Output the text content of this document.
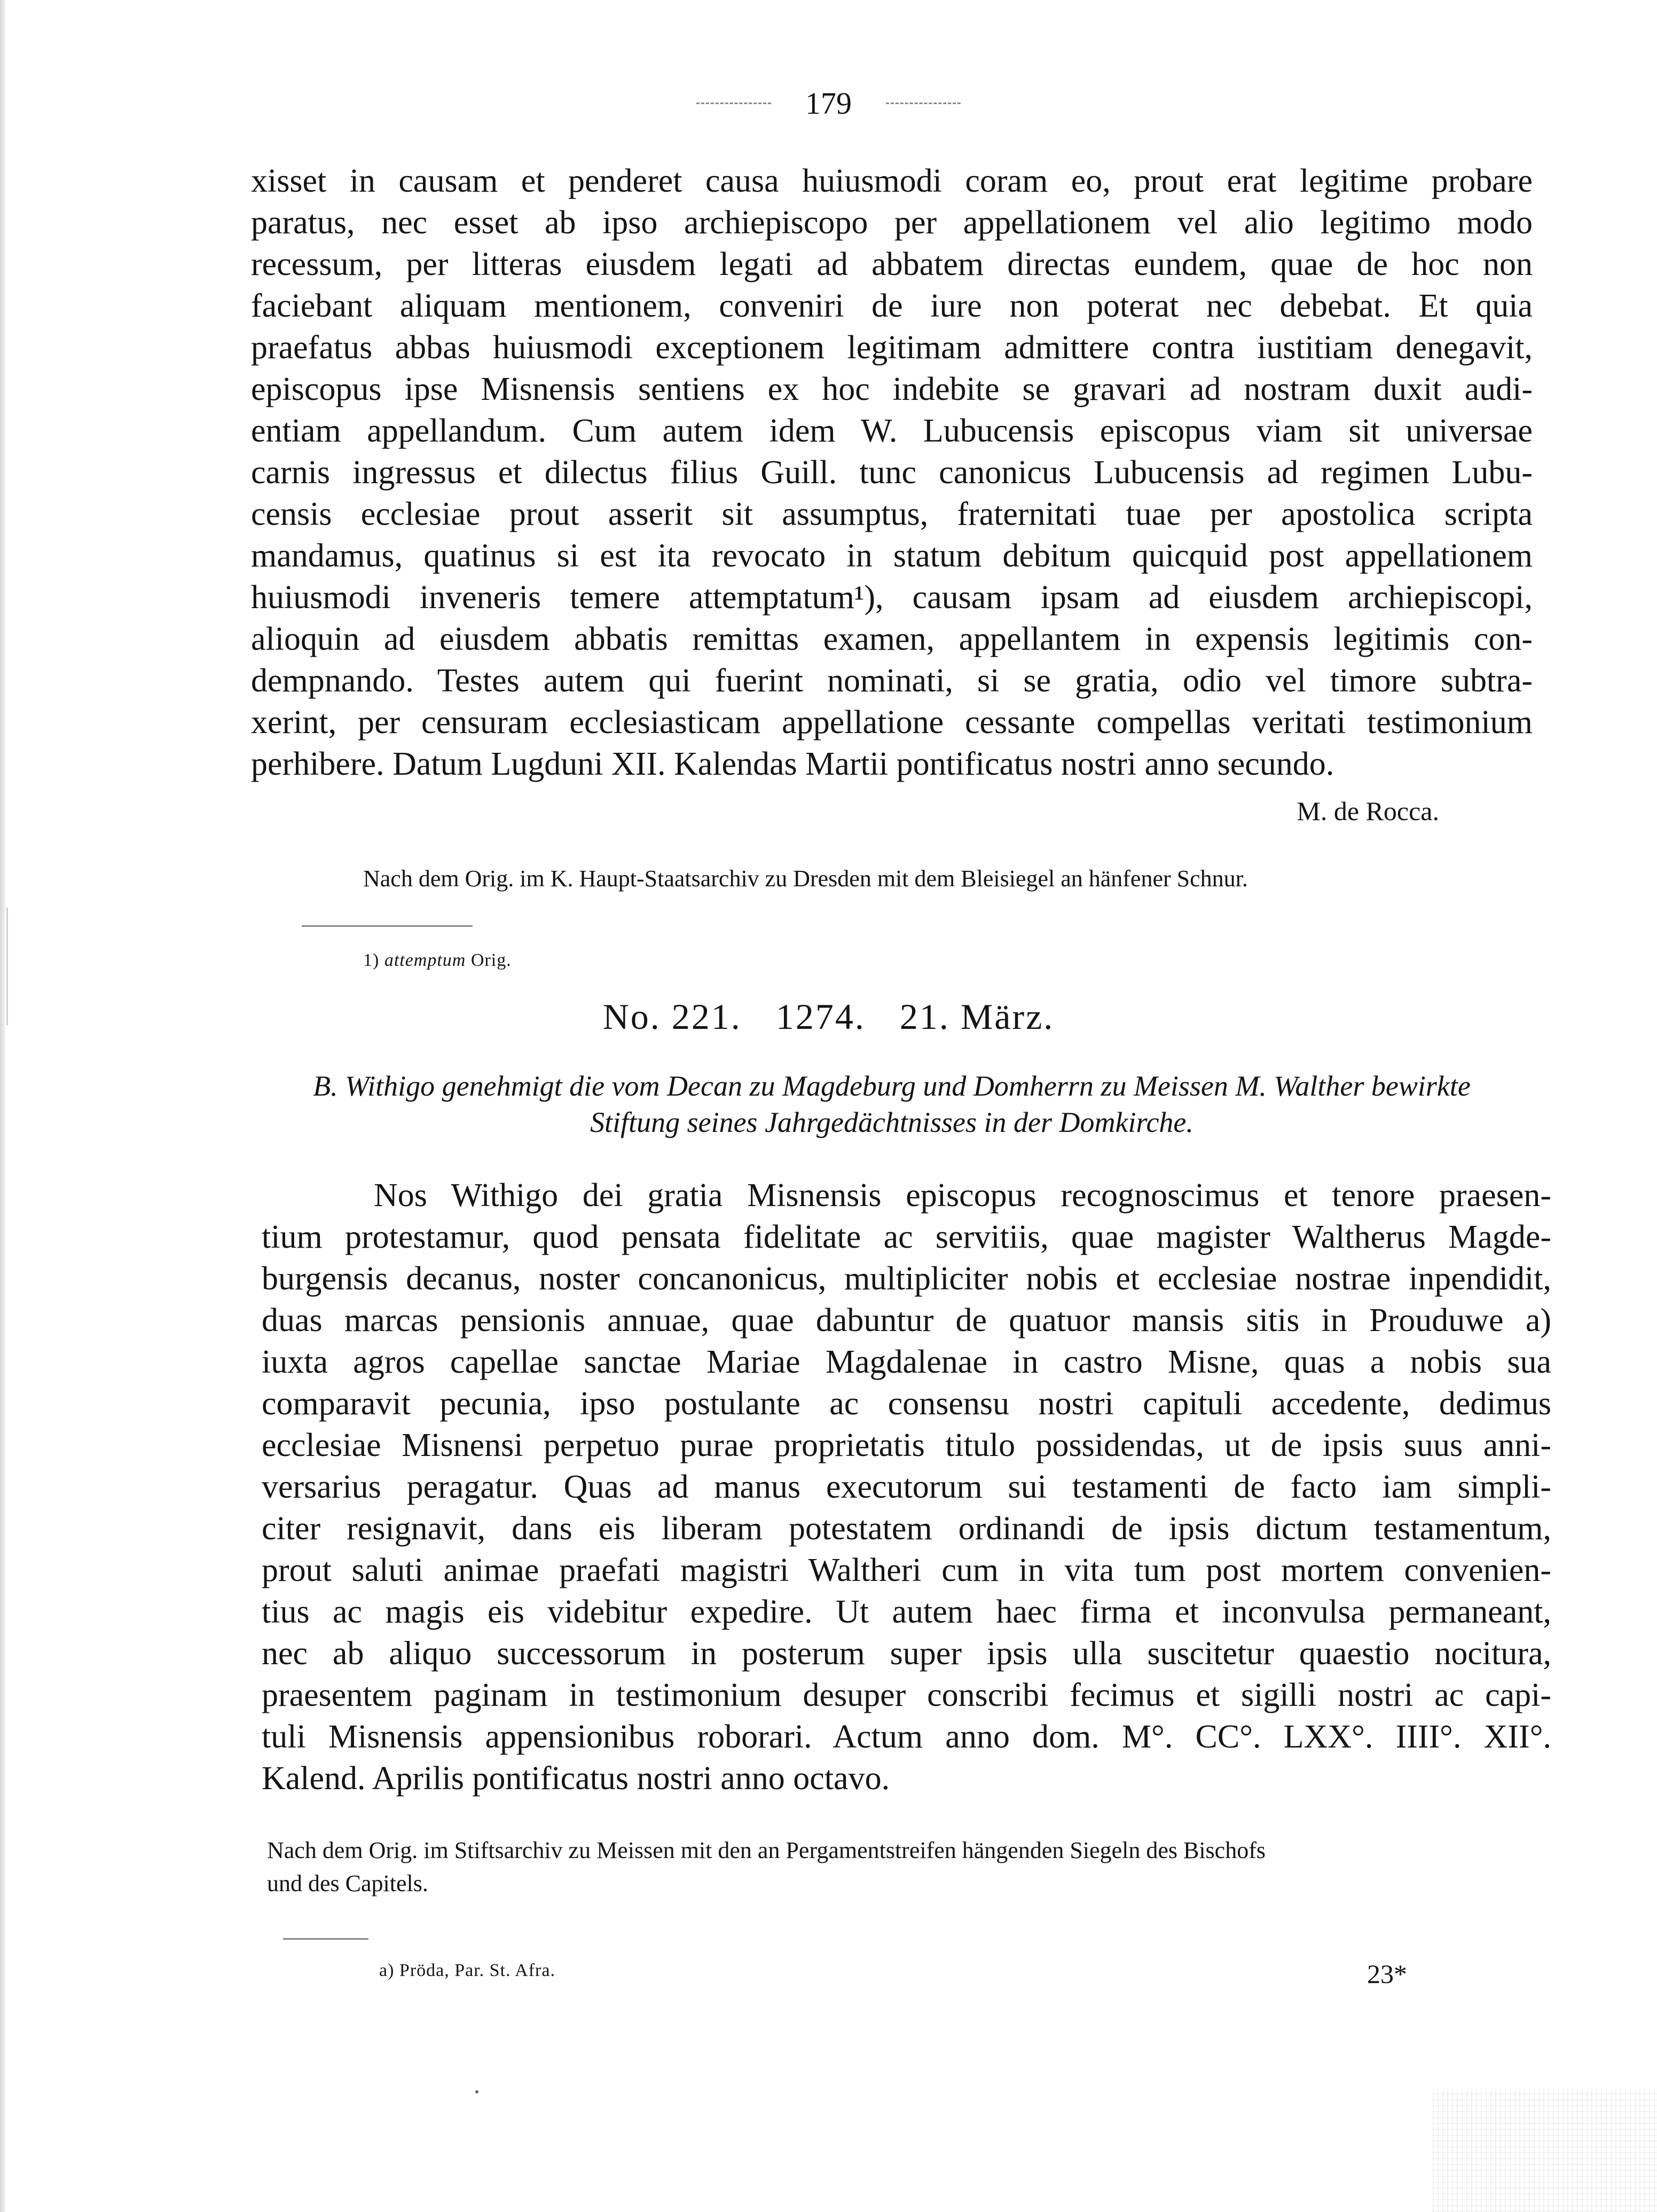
179
xisset in causam et penderet causa huiusmodi coram eo, prout erat legitime probare
paratus, nec esset ab ipso archiepiscopo per appellationem vel alio legitimo modo
recessum, per litteras eiusdem legati ad abbatem directas eundem, quae de hoc non
faciebant aliquam mentionem, conveniri de iure non poterat nec debebat. Et quia
praefatus abbas huiusmodi exceptionem legitimam admittere contra iustitiam denegavit,
episcopus ipse Misnensis sentiens ex hoc indebite se gravari ad nostram duxit audi-
entiam appellandum. Cum autem idem W. Lubucensis episcopus viam sit universae
carnis ingressus et dilectus filius Guill. tunc canonicus Lubucensis ad regimen Lubu-
censis ecclesiae prout asserit sit assumptus, fraternitati tuae per apostolica scripta
mandamus, quatinus si est ita revocato in statum debitum quicquid post appellationem
huiusmodi inveneris temere attemptatum¹), causam ipsam ad eiusdem archiepiscopi,
alioquin ad eiusdem abbatis remittas examen, appellantem in expensis legitimis con-
dempnando. Testes autem qui fuerint nominati, si se gratia, odio vel timore subtra-
xerint, per censuram ecclesiasticam appellatione cessante compellas veritati testimonium
perhibere. Datum Lugduni XII. Kalendas Martii pontificatus nostri anno secundo.
M. de Rocca.
Nach dem Orig. im K. Haupt-Staatsarchiv zu Dresden mit dem Bleisiegel an hänfener Schnur.
1) attemptum Orig.
No. 221. 1274. 21. März.
B. Withigo genehmigt die vom Decan zu Magdeburg und Domherrn zu Meissen M. Walther bewirkte
Stiftung seines Jahrgedächtnisses in der Domkirche.
Nos Withigo dei gratia Misnensis episcopus recognoscimus et tenore praesen-
tium protestamur, quod pensata fidelitate ac servitiis, quae magister Waltherus Magde-
burgensis decanus, noster concanonicus, multipliciter nobis et ecclesiae nostrae inpendidit,
duas marcas pensionis annuae, quae dabuntur de quatuor mansis sitis in Prouduwe a)
iuxta agros capellae sanctae Mariae Magdalenae in castro Misne, quas a nobis sua
comparavit pecunia, ipso postulante ac consensu nostri capituli accedente, dedimus
ecclesiae Misnensi perpetuo purae proprietatis titulo possidendas, ut de ipsis suus anni-
versarius peragatur. Quas ad manus executorum sui testamenti de facto iam simpli-
citer resignavit, dans eis liberam potestatem ordinandi de ipsis dictum testamentum,
prout saluti animae praefati magistri Waltheri cum in vita tum post mortem convenien-
tius ac magis eis videbitur expedire. Ut autem haec firma et inconvulsa permaneant,
nec ab aliquo successorum in posterum super ipsis ulla suscitetur quaestio nocitura,
praesentem paginam in testimonium desuper conscribi fecimus et sigilli nostri ac capi-
tuli Misnensis appensionibus roborari. Actum anno dom. M°. CC°. LXX°. IIII°. XII°.
Kalend. Aprilis pontificatus nostri anno octavo.
Nach dem Orig. im Stiftsarchiv zu Meissen mit den an Pergamentstreifen hängenden Siegeln des Bischofs
und des Capitels.
a) Pröda, Par. St. Afra.	23*
